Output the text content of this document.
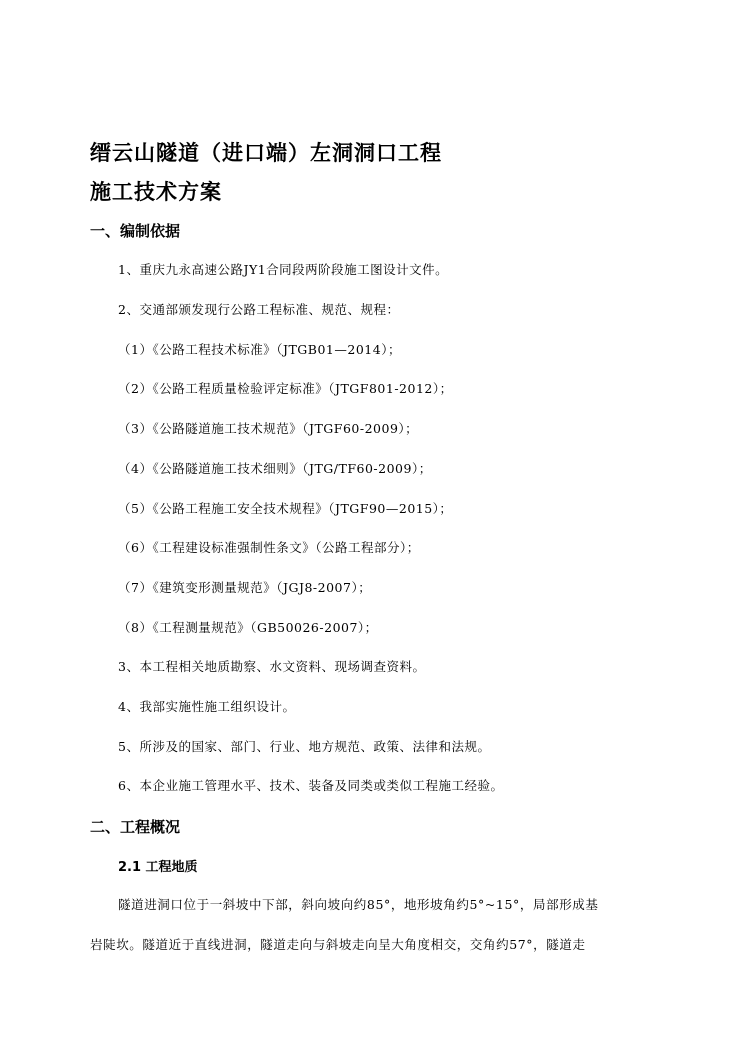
缙云山隧道（进口端）左洞洞口工程
施工技术方案
一、编制依据
1、重庆九永高速公路JY1合同段两阶段施工图设计文件。
2、交通部颁发现行公路工程标准、规范、规程：
（1）《公路工程技术标准》（JTGB01—2014）；
（2）《公路工程质量检验评定标准》（JTGF801-2012）；
（3）《公路隧道施工技术规范》（JTGF60-2009）；
（4）《公路隧道施工技术细则》（JTG/TF60-2009）；
（5）《公路工程施工安全技术规程》（JTGF90—2015）；
（6）《工程建设标准强制性条文》（公路工程部分）；
（7）《建筑变形测量规范》（JGJ8-2007）；
（8）《工程测量规范》（GB50026-2007）；
3、本工程相关地质勘察、水文资料、现场调查资料。
4、我部实施性施工组织设计。
5、所涉及的国家、部门、行业、地方规范、政策、法律和法规。
6、本企业施工管理水平、技术、装备及同类或类似工程施工经验。
二、工程概况
2.1 工程地质
隧道进洞口位于一斜坡中下部，斜向坡向约85°，地形坡角约5°~15°，局部形成基
岩陡坎。隧道近于直线进洞，隧道走向与斜坡走向呈大角度相交，交角约57°，隧道走
